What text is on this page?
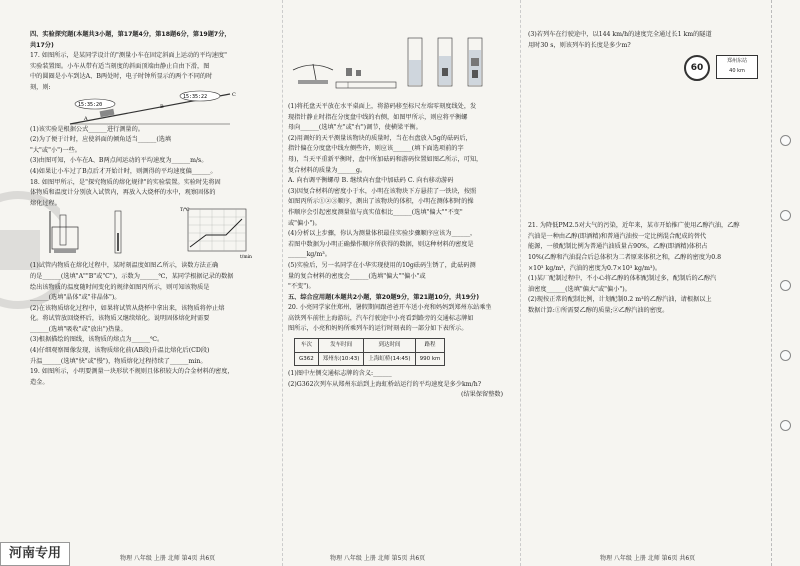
四、实验探究题(本题共3小题，第17题4分，第18题6分，第19题7分，

共17分)

17. 如图所示，是某同学设计的"测量小车在固定斜面上运动的平均速度"

实验装置图。小车从带有适当刻度的斜面顶端由静止自由下滑，图

中的圆圈是小车到达A、B两处时，电子时钟所显示的两个不同的时

刻，则:

15:35:22
15:35:20
A
B
C

(1)该实验是根据公式______进行测量的。

(2)为了便于计时，应使斜面的倾角适当______(选填

"大"或"小")一些。

(3)由图可知，小车在A、B两点间运动的平均速度为______m/s。

(4)如果让小车过了B点后才开始计时，则测得的平均速度偏______。

18. 如图甲所示，是"探究物质的熔化规律"的实验装置。实验时先将固

体物质和温度计分别放入试管内，再放入大烧杯的水中，观察固体的

熔化过程。

T/℃
t/min

(1)试管内物质在熔化过程中，某时刻温度如图乙所示，读数方法正确

的是______(选填"A""B"或"C")，示数为______℃，某同学根据记录的数据

绘出该物质的温度随时间变化的规律如图丙所示，则可知该物质是

______(选填"晶体"或"非晶体")。

(2)在该物质熔化过程中，如果将试管从烧杯中拿出来，该物质将停止熔

化。将试管放回烧杯后，该物质又继续熔化。说明固体熔化时需要

______(选填"吸收"或"放出")热量。

(3)根据描绘的图线，该物质的熔点为______℃。

(4)仔细观察图像发现，该物质熔化前(AB段)升温比熔化后(CD段)

升温______(选填"快"或"慢")，物质熔化过程持续了______min。

19. 如图所示，小明要测量一块形状不规则且体积较大的合金材料的密度，

造金。

(1)将托盘天平放在水平桌面上，将游码移至标尺左端零刻度线处，发

现指针静止时指在分度盘中线的右侧，如图甲所示，则应将平衡螺

母向______(选填"左"或"右")调节，使横梁平衡。

(2)用调好的天平测量该物块的质量时，当在右盘放入5g的砝码后，

指针偏在分度盘中线左侧些许，则应该______(填下面选项前的字

母)，当天平重新平衡时，盘中所加砝码和游码位置如图乙所示，可知，

复合材料的质量为______g。

A. 向右调平衡螺母 B. 继续向右盘中加砝码 C. 向右移动游码

(3)因复合材料的密度小于水，小明在该物块下方悬挂了一铁块，按照

如图丙所示①②③顺序，测出了该物块的体积，小明在测体积时的操

作顺序会引起密度测量值与真实值相比______(选填"偏大""不变"

或"偏小")。

(4)分析以上步骤，你认为测量体积最佳实验步骤顺序应该为______，

若图中数据为小明正确操作顺序所获得的数据，则这种材料的密度是

______kg/m³。

(5)实验后，另一名同学在小华实现使用的10g砝码生锈了，此砝码测

量的复合材料的密度会______(选填"偏大""偏小"或

"不变")。

五、综合应用题(本题共2小题，第20题9分，第21题10分，共19分)

20. 小亮同学家住郑州，暑假期间跟爸爸开车送小亮和妈妈到郑州东站乘坐

高铁列车前往上海游玩，汽车行驶途中小亮看到路旁的交通标志牌如

图所示，小亮和妈妈所乘列车的运行时刻表的一部分如下表所示。

车次	发车时间	到达时间	路程
G362	郑州东(10:43)	上海虹桥(14:45)	990 km

(1)图中左侧交通标志牌的含义:______

(2)G362次列车从郑州东站到上海虹桥站运行的平均速度是多少km/h?

(结果保留整数)

(3)若列车在行驶途中，以144 km/h的速度完全通过长1 km的隧道

用时30 s，则该列车的长度是多少m?

60
郑州东站
40 km

21. 为降低PM2.5对大气的污染，近年来，某市开始推广使用乙醇汽油，乙醇

汽油是一种由乙醇(即酒精)和普通汽油按一定比例混合配成的替代

能源，一般配制比例为普通汽油质量占90%，乙醇(即酒精)体积占

10%(乙醇和汽油混合后总体积为二者原来体积之和，乙醇的密度为0.8

×10³ kg/m³，汽油的密度为0.7×10³ kg/m³)。

(1)某厂配制过程中，不小心将乙醇的体积配制过多，配制后的乙醇汽

油密度______(选填"偏大"或"偏小")。

(2)现按正常的配制比例，计划配制0.2 m³的乙醇汽油，请根据以上

数据计算:①所需要乙醇的质量;②乙醇汽油的密度。

河南专用	物理 八年级 上册 北师 第4页 共6页	物理 八年级 上册 北师 第5页 共6页	物理 八年级 上册 北师 第6页 共6页
